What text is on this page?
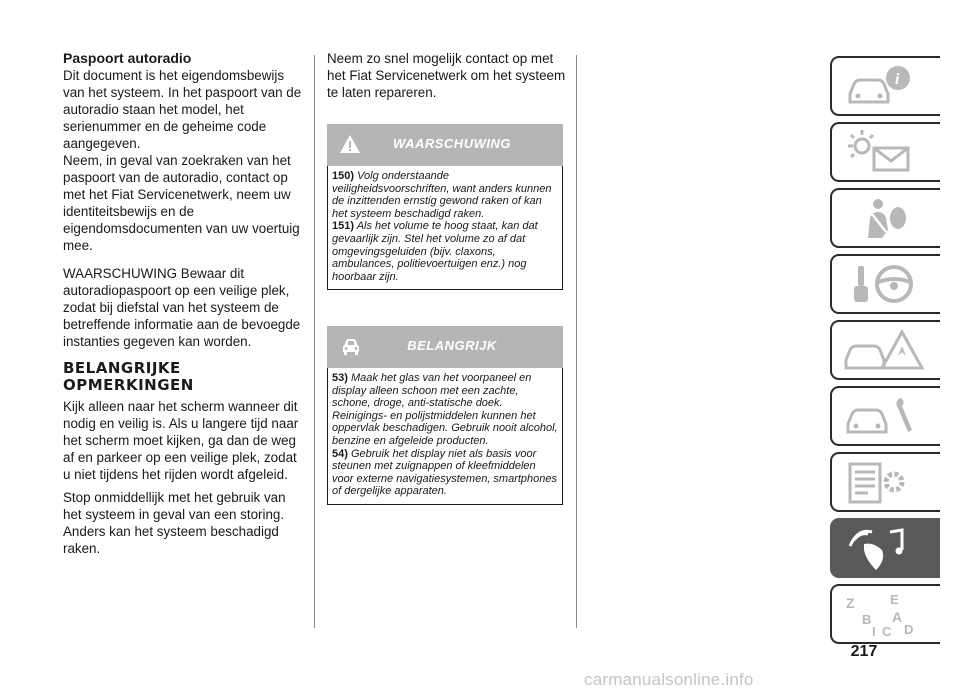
Paspoort autoradio

Dit document is het eigendomsbewijs van het systeem. In het paspoort van de autoradio staan het model, het serienummer en de geheime code aangegeven.

Neem, in geval van zoekraken van het paspoort van de autoradio, contact op met het Fiat Servicenetwerk, neem uw identiteitsbewijs en de eigendomsdocumenten van uw voertuig mee.

WAARSCHUWING Bewaar dit autoradiopaspoort op een veilige plek, zodat bij diefstal van het systeem de betreffende informatie aan de bevoegde instanties gegeven kan worden.

BELANGRIJKE OPMERKINGEN

Kijk alleen naar het scherm wanneer dit nodig en veilig is. Als u langere tijd naar het scherm moet kijken, ga dan de weg af en parkeer op een veilige plek, zodat u niet tijdens het rijden wordt afgeleid.

Stop onmiddellijk met het gebruik van het systeem in geval van een storing. Anders kan het systeem beschadigd raken.

Neem zo snel mogelijk contact op met het Fiat Servicenetwerk om het systeem te laten repareren.

WAARSCHUWING

150) Volg onderstaande veiligheidsvoorschriften, want anders kunnen de inzittenden ernstig gewond raken of kan het systeem beschadigd raken.

151) Als het volume te hoog staat, kan dat gevaarlijk zijn. Stel het volume zo af dat omgevingsgeluiden (bijv. claxons, ambulances, politievoertuigen enz.) nog hoorbaar zijn.

BELANGRIJK

53) Maak het glas van het voorpaneel en display alleen schoon met een zachte, schone, droge, anti-statische doek. Reinigings- en polijstmiddelen kunnen het oppervlak beschadigen. Gebruik nooit alcohol, benzine en afgeleide producten.

54) Gebruik het display niet als basis voor steunen met zuignappen of kleefmiddelen voor externe navigatiesystemen, smartphones of dergelijke apparaten.

i
Z
B
I C
E
A
D
217
carmanualsonline.info
